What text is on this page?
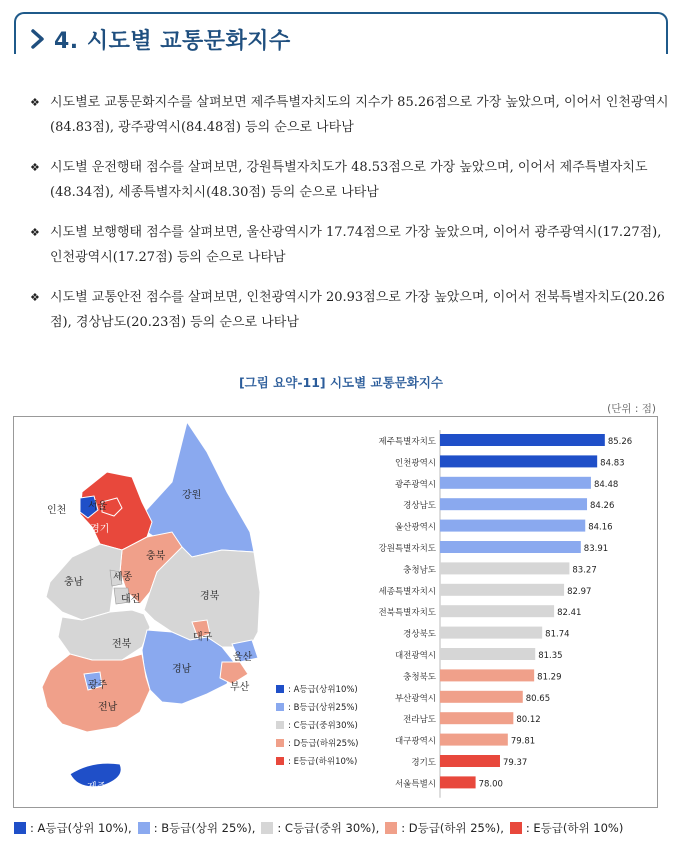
4. 시도별 교통문화지수
❖ 시도별로 교통문화지수를 살펴보면 제주특별자치도의 지수가 85.26점으로 가장 높았으며, 이어서 인천광역시(84.83점), 광주광역시(84.48점) 등의 순으로 나타남
❖ 시도별 운전행태 점수를 살펴보면, 강원특별자치도가 48.53점으로 가장 높았으며, 이어서 제주특별자치도(48.34점), 세종특별자치시(48.30점) 등의 순으로 나타남
❖ 시도별 보행행태 점수를 살펴보면, 울산광역시가 17.74점으로 가장 높았으며, 이어서 광주광역시(17.27점), 인천광역시(17.27점) 등의 순으로 나타남
❖ 시도별 교통안전 점수를 살펴보면, 인천광역시가 20.93점으로 가장 높았으며, 이어서 전북특별자치도(20.26점), 경상남도(20.23점) 등의 순으로 나타남
[그림 요약-11] 시도별 교통문화지수
(단위 : 점)
인천 서울
경기
강원
충북
충남	세종
대전	경북
전북
대구
울산
경남
부산
광주
전남
제주
: A등급(상위10%)
: B등급(상위25%)
: C등급(중위30%)
: D등급(하위25%)
: E등급(하위10%)
제주특별자치도	85.26
인천광역시	84.83
광주광역시	84.48
경상남도	84.26
울산광역시	84.16
강원특별자치도	83.91
충청남도	83.27
세종특별자치시	82.97
전북특별자치도	82.41
경상북도	81.74
대전광역시	81.35
충청북도	81.29
부산광역시	80.65
전라남도	80.12
대구광역시	79.81
경기도	79.37
서울특별시	78.00
: A등급(상위 10%), : B등급(상위 25%), : C등급(중위 30%), : D등급(하위 25%), : E등급(하위 10%)
